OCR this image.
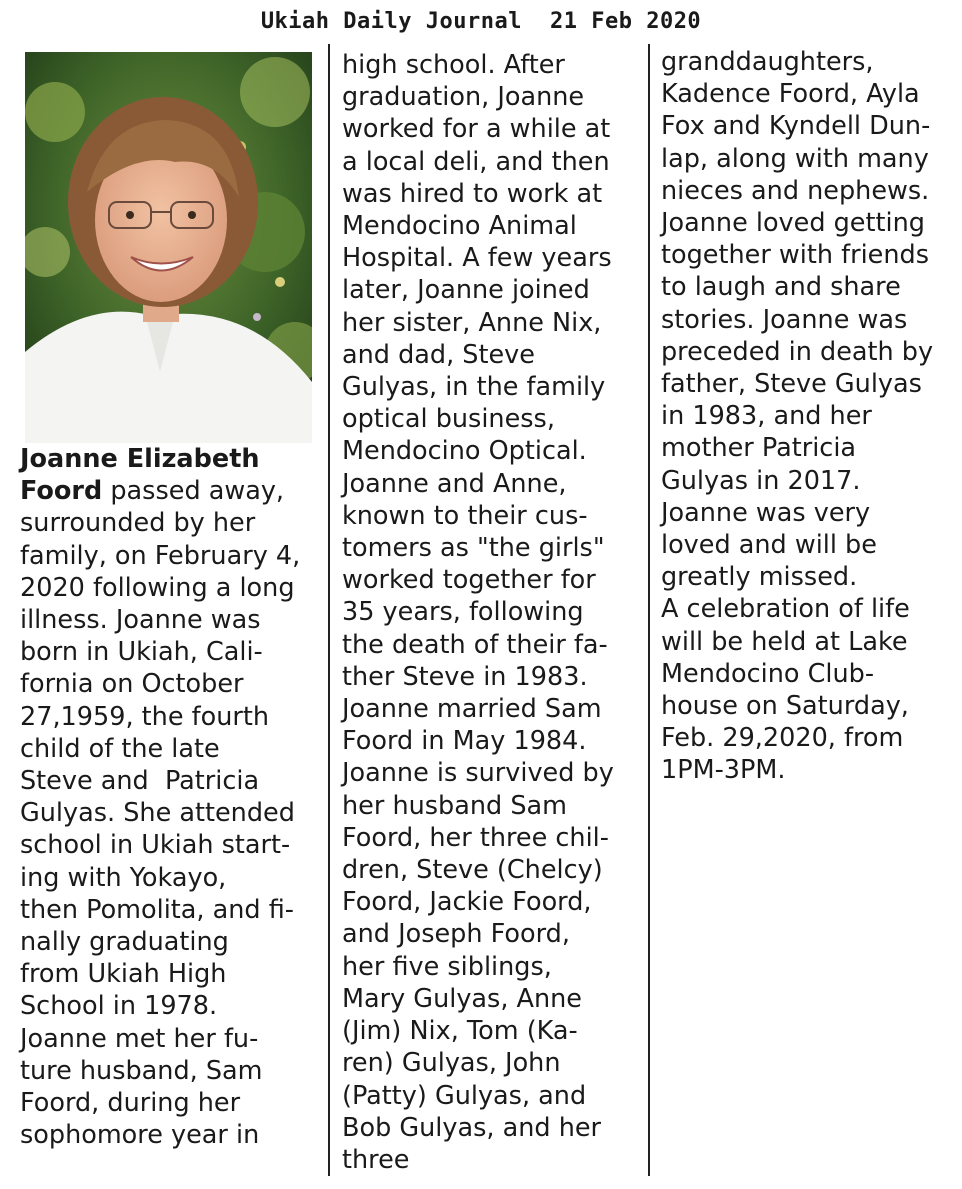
Ukiah Daily Journal 21 Feb 2020
Joanne Elizabeth
Foord passed away,
surrounded by her
family, on February 4,
2020 following a long
illness. Joanne was
born in Ukiah, Cali-
fornia on October
27,1959, the fourth
child of the late
Steve and  Patricia
Gulyas. She attended
school in Ukiah start-
ing with Yokayo,
then Pomolita, and fi-
nally graduating
from Ukiah High
School in 1978.
Joanne met her fu-
ture husband, Sam
Foord, during her
sophomore year in
high school. After
graduation, Joanne
worked for a while at
a local deli, and then
was hired to work at
Mendocino Animal
Hospital. A few years
later, Joanne joined
her sister, Anne Nix,
and dad, Steve
Gulyas, in the family
optical business,
Mendocino Optical.
Joanne and Anne,
known to their cus-
tomers as "the girls"
worked together for
35 years, following
the death of their fa-
ther Steve in 1983.
Joanne married Sam
Foord in May 1984.
Joanne is survived by
her husband Sam
Foord, her three chil-
dren, Steve (Chelcy)
Foord, Jackie Foord,
and Joseph Foord,
her five siblings,
Mary Gulyas, Anne
(Jim) Nix, Tom (Ka-
ren) Gulyas, John
(Patty) Gulyas, and
Bob Gulyas, and her
three
granddaughters,
Kadence Foord, Ayla
Fox and Kyndell Dun-
lap, along with many
nieces and nephews.
Joanne loved getting
together with friends
to laugh and share
stories. Joanne was
preceded in death by
father, Steve Gulyas
in 1983, and her
mother Patricia
Gulyas in 2017.
Joanne was very
loved and will be
greatly missed.
A celebration of life
will be held at Lake
Mendocino Club-
house on Saturday,
Feb. 29,2020, from
1PM-3PM.
